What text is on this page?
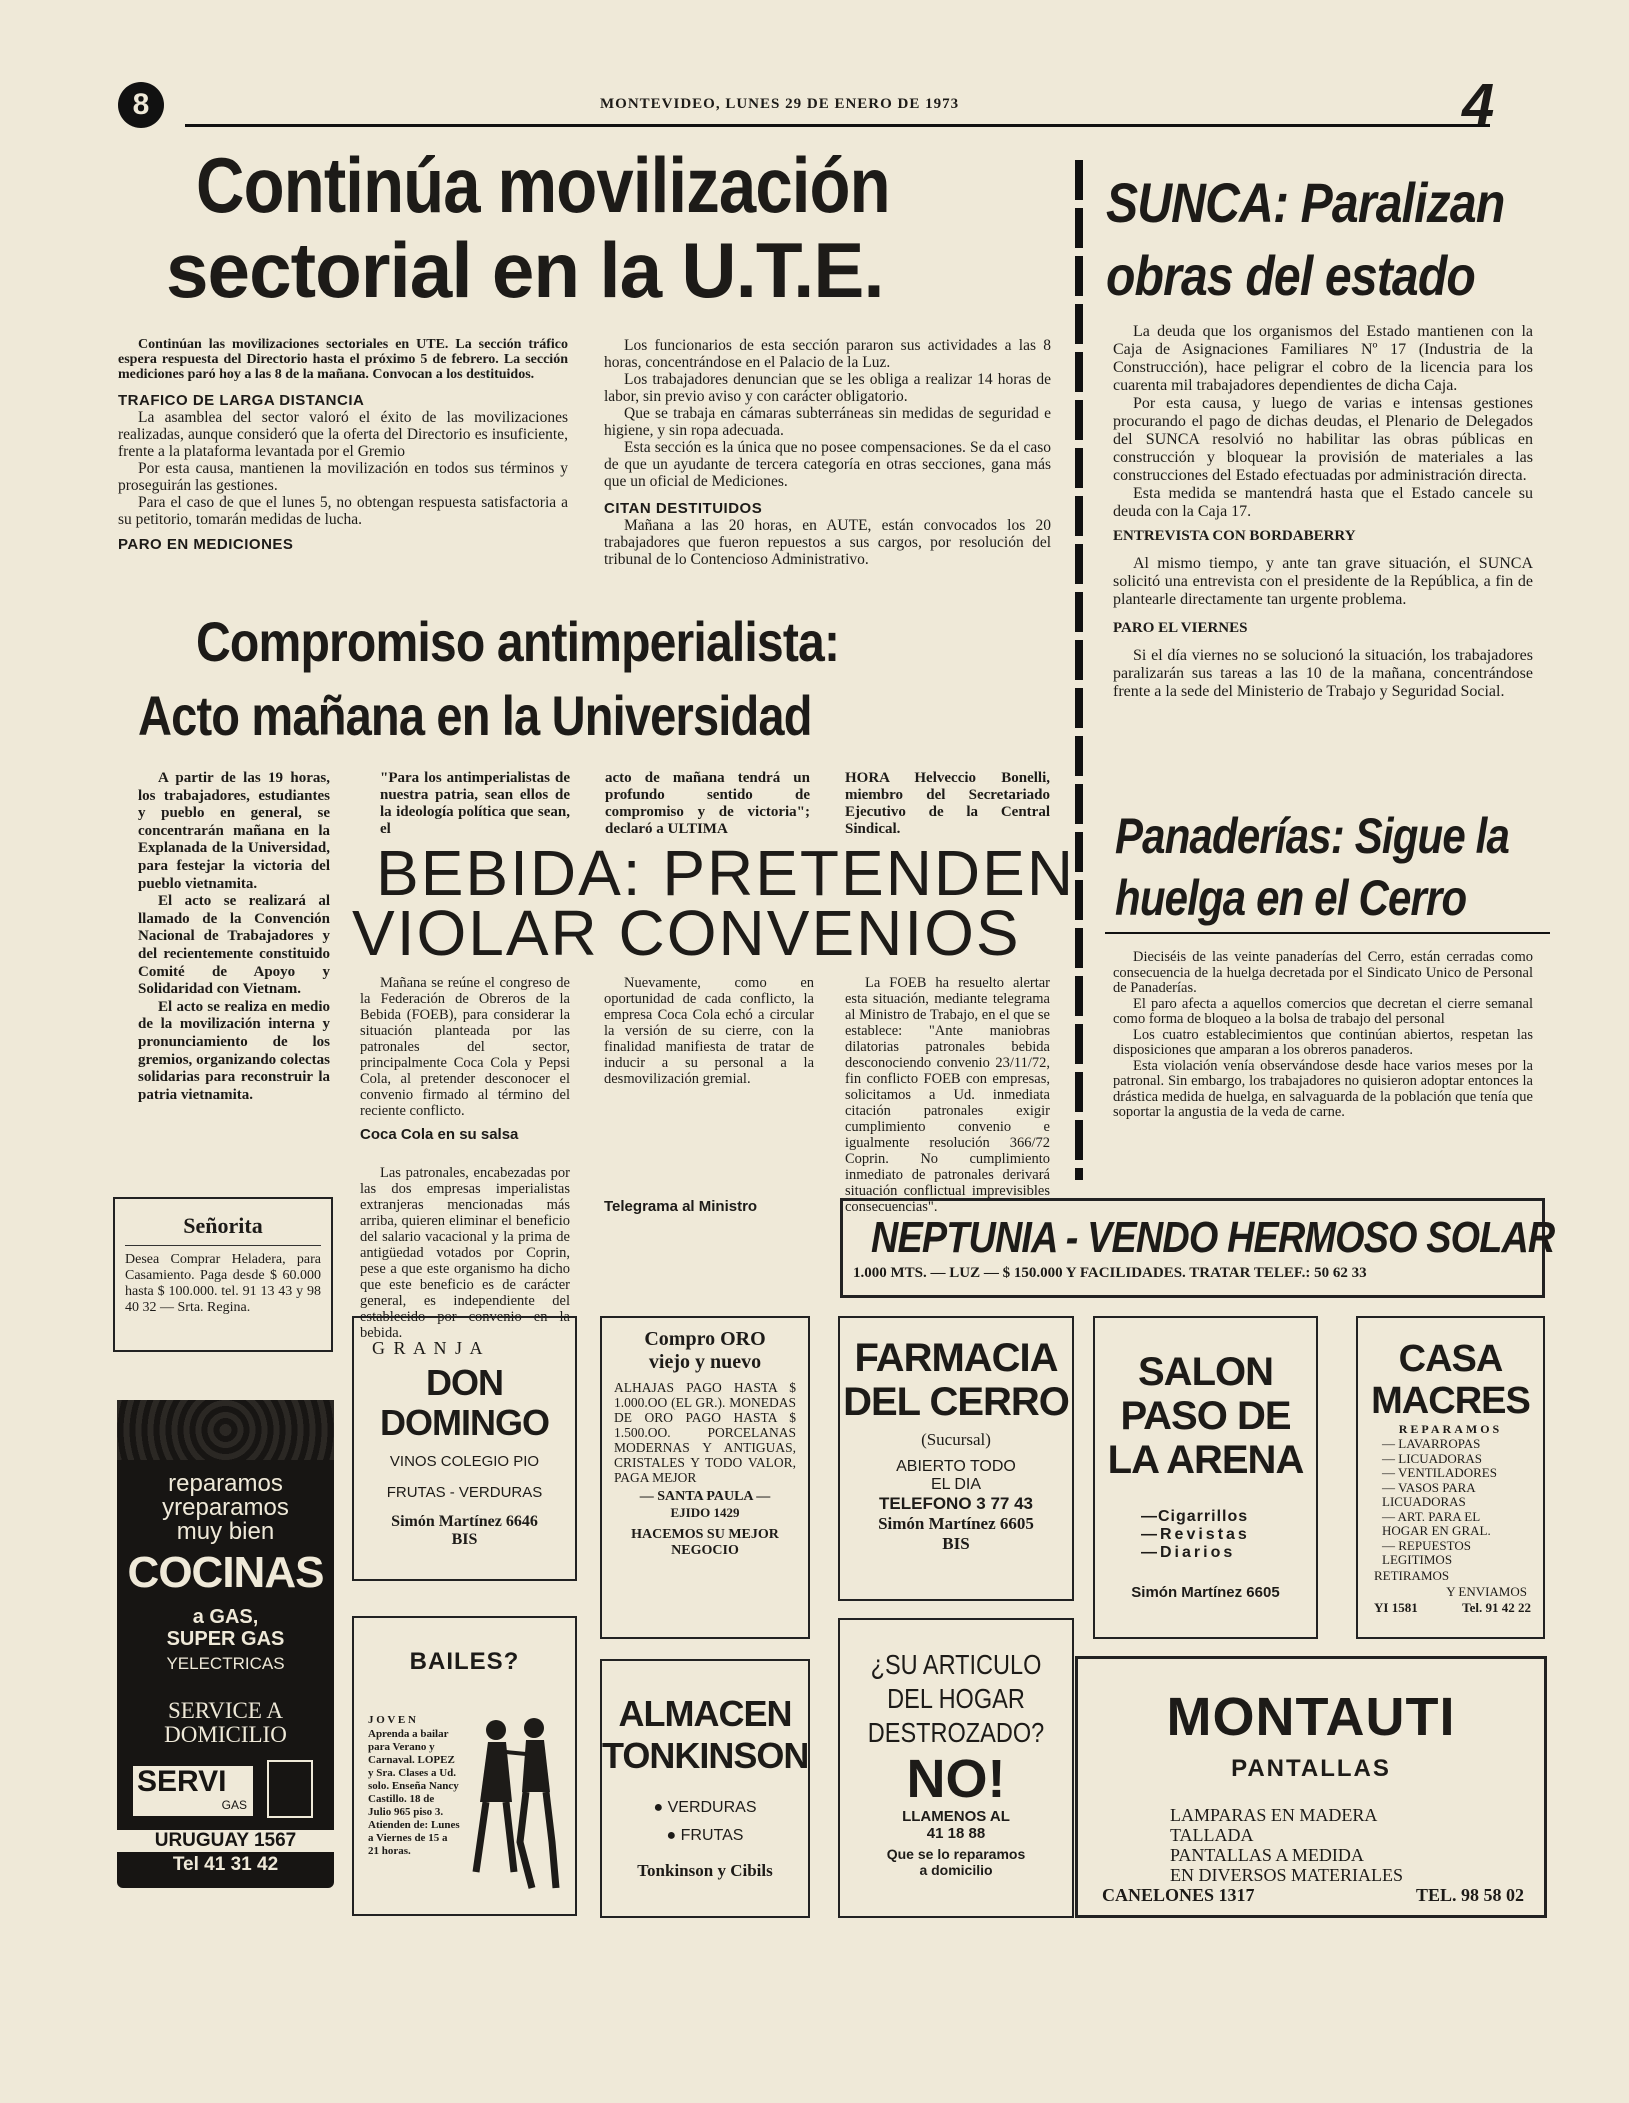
8	MONTEVIDEO, LUNES 29 DE ENERO DE 1973	4
Continúa movilización
sectorial en la U.T.E.

Continúan las movilizaciones sectoriales en UTE. La sección tráfico espera respuesta del Directorio hasta el próximo 5 de febrero. La sección mediciones paró hoy a las 8 de la mañana. Convocan a los destituidos.

TRAFICO DE LARGA DISTANCIA

La asamblea del sector valoró el éxito de las movilizaciones realizadas, aunque consideró que la oferta del Directorio es insuficiente, frente a la plataforma levantada por el Gremio

Por esta causa, mantienen la movilización en todos sus términos y proseguirán las gestiones.

Para el caso de que el lunes 5, no obtengan respuesta satisfactoria a su petitorio, tomarán medidas de lucha.

PARO EN MEDICIONES

Los funcionarios de esta sección pararon sus actividades a las 8 horas, concentrándose en el Palacio de la Luz.

Los trabajadores denuncian que se les obliga a realizar 14 horas de labor, sin previo aviso y con carácter obligatorio.

Que se trabaja en cámaras subterráneas sin medidas de seguridad e higiene, y sin ropa adecuada.

Esta sección es la única que no posee compensaciones. Se da el caso de que un ayudante de tercera categoría en otras secciones, gana más que un oficial de Mediciones.

CITAN DESTITUIDOS

Mañana a las 20 horas, en AUTE, están convocados los 20 trabajadores que fueron repuestos a sus cargos, por resolución del tribunal de lo Contencioso Administrativo.

SUNCA: Paralizan
obras del estado

La deuda que los organismos del Estado mantienen con la Caja de Asignaciones Familiares Nº 17 (Industria de la Construcción), hace peligrar el cobro de la licencia para los cuarenta mil trabajadores dependientes de dicha Caja.

Por esta causa, y luego de varias e intensas gestiones procurando el pago de dichas deudas, el Plenario de Delegados del SUNCA resolvió no habilitar las obras públicas en construcción y bloquear la provisión de materiales a las construcciones del Estado efectuadas por administración directa.

Esta medida se mantendrá hasta que el Estado cancele su deuda con la Caja 17.

ENTREVISTA CON BORDABERRY

Al mismo tiempo, y ante tan grave situación, el SUNCA solicitó una entrevista con el presidente de la República, a fin de plantearle directamente tan urgente problema.

PARO EL VIERNES

Si el día viernes no se solucionó la situación, los trabajadores paralizarán sus tareas a las 10 de la mañana, concentrándose frente a la sede del Ministerio de Trabajo y Seguridad Social.

Panaderías: Sigue la
huelga en el Cerro

Dieciséis de las veinte panaderías del Cerro, están cerradas como consecuencia de la huelga decretada por el Sindicato Unico de Personal de Panaderías.

El paro afecta a aquellos comercios que decretan el cierre semanal como forma de bloqueo a la bolsa de trabajo del personal

Los cuatro establecimientos que continúan abiertos, respetan las disposiciones que amparan a los obreros panaderos.

Esta violación venía observándose desde hace varios meses por la patronal. Sin embargo, los trabajadores no quisieron adoptar entonces la drástica medida de huelga, en salvaguarda de la población que tenía que soportar la angustia de la veda de carne.

Compromiso antimperialista:
Acto mañana en la Universidad

A partir de las 19 horas, los trabajadores, estudiantes y pueblo en general, se concentrarán mañana en la Explanada de la Universidad, para festejar la victoria del pueblo vietnamita.

El acto se realizará al llamado de la Convención Nacional de Trabajadores y del recientemente constituido Comité de Apoyo y Solidaridad con Vietnam.

El acto se realiza en medio de la movilización interna y pronunciamiento de los gremios, organizando colectas solidarias para reconstruir la patria vietnamita.

"Para los antimperialistas de nuestra patria, sean ellos de la ideología política que sean, el
acto de mañana tendrá un profundo sentido de compromiso y de victoria"; declaró a ULTIMA
HORA Helveccio Bonelli, miembro del Secretariado Ejecutivo de la Central Sindical.
BEBIDA: PRETENDEN
VIOLAR CONVENIOS

Mañana se reúne el congreso de la Federación de Obreros de la Bebida (FOEB), para considerar la situación planteada por las patronales del sector, principalmente Coca Cola y Pepsi Cola, al pretender desconocer el convenio firmado al término del reciente conflicto.

Coca Cola en su salsa

Las patronales, encabezadas por las dos empresas imperialistas extranjeras mencionadas más arriba, quieren eliminar el beneficio del salario vacacional y la prima de antigüedad votados por Coprin, pese a que este organismo ha dicho que este beneficio es de carácter general, es independiente del establecido por convenio en la bebida.

Nuevamente, como en oportunidad de cada conflicto, la empresa Coca Cola echó a circular la versión de su cierre, con la finalidad manifiesta de tratar de inducir a su personal a la desmovilización gremial.

Telegrama al Ministro

La FOEB ha resuelto alertar esta situación, mediante telegrama al Ministro de Trabajo, en el que se establece: "Ante maniobras dilatorias patronales bebida desconociendo convenio 23/11/72, fin conflicto FOEB con empresas, solicitamos a Ud. inmediata citación patronales exigir cumplimiento convenio e igualmente resolución 366/72 Coprin. No cumplimiento inmediato de patronales derivará situación conflictual imprevisibles consecuencias".

Señorita
Desea Comprar Heladera, para Casamiento. Paga desde $ 60.000 hasta $ 100.000. tel. 91 13 43 y 98 40 32 — Srta. Regina.
NEPTUNIA - VENDO HERMOSO SOLAR
1.000 MTS. — LUZ — $ 150.000 Y FACILIDADES. TRATAR TELEF.: 50 62 33
reparamos
yreparamos
muy bien
COCINAS
a GAS,
SUPER GAS
YELECTRICAS
SERVICE A
DOMICILIO
SERVI
GAS
URUGUAY 1567
Tel 41 31 42
G R A N J A
DON
DOMINGO
VINOS COLEGIO PIO
FRUTAS - VERDURAS
Simón Martínez 6646
BIS
Compro ORO
viejo y nuevo
ALHAJAS PAGO HASTA $ 1.000.OO (EL GR.). MONEDAS DE ORO PAGO HASTA $ 1.500.OO. PORCELANAS MODERNAS Y ANTIGUAS, CRISTALES Y TODO VALOR, PAGA MEJOR
— SANTA PAULA —
EJIDO 1429
HACEMOS SU MEJOR NEGOCIO
FARMACIA
DEL CERRO
(Sucursal)
ABIERTO TODO
EL DIA
TELEFONO 3 77 43
Simón Martínez 6605
BIS
SALON
PASO DE
LA ARENA
—Cigarrillos
—Revistas
—Diarios
Simón Martínez 6605
CASA
MACRES
REPARAMOS
— LAVARROPAS
— LICUADORAS
— VENTILADORES
— VASOS PARA LICUADORAS
— ART. PARA EL HOGAR EN GRAL.
— REPUESTOS LEGITIMOS
RETIRAMOS
Y ENVIAMOS
YI 1581	Tel. 91 42 22
BAILES?
J O V E N
Aprenda a bailar para Verano y Carnaval. LOPEZ y Sra. Clases a Ud. solo. Enseña Nancy Castillo. 18 de Julio 965 piso 3. Atienden de: Lunes a Viernes de 15 a 21 horas.
ALMACEN
TONKINSON
● VERDURAS
● FRUTAS
Tonkinson y Cibils
¿SU ARTICULO
DEL HOGAR
DESTROZADO?
NO!
LLAMENOS AL
41 18 88
Que se lo reparamos
a domicilio
MONTAUTI
PANTALLAS
LAMPARAS EN MADERA
TALLADA
PANTALLAS A MEDIDA
EN DIVERSOS MATERIALES
CANELONES 1317	TEL. 98 58 02
